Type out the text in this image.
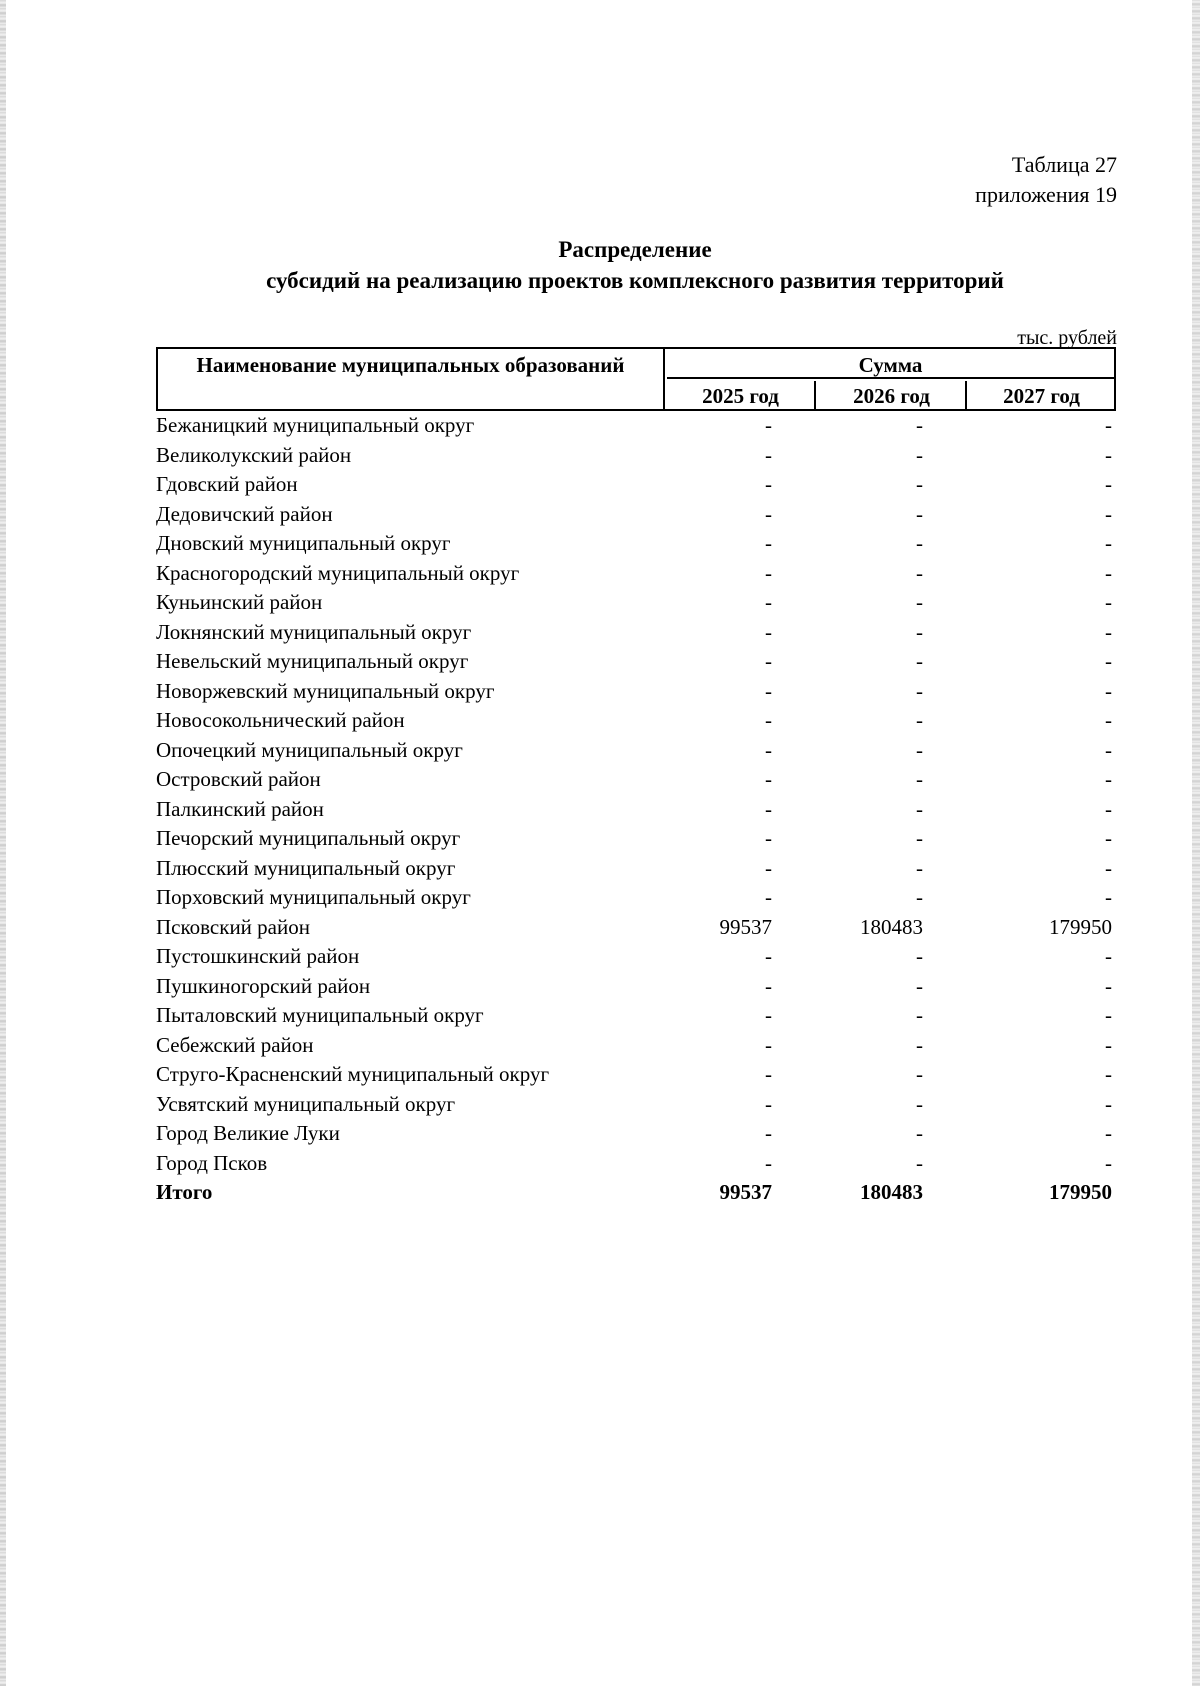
Таблица 27
приложения 19
Распределение
субсидий на реализацию проектов комплексного развития территорий
тыс. рублей
Наименование муниципальных образований	Сумма
2025 год	2026 год	2027 год
Бежаницкий муниципальный округ	-	-	-
Великолукский район	-	-	-
Гдовский район	-	-	-
Дедовичский район	-	-	-
Дновский муниципальный округ	-	-	-
Красногородский муниципальный округ	-	-	-
Куньинский район	-	-	-
Локнянский муниципальный округ	-	-	-
Невельский муниципальный округ	-	-	-
Новоржевский муниципальный округ	-	-	-
Новосокольнический район	-	-	-
Опочецкий муниципальный округ	-	-	-
Островский район	-	-	-
Палкинский район	-	-	-
Печорский муниципальный округ	-	-	-
Плюсский муниципальный округ	-	-	-
Порховский муниципальный округ	-	-	-
Псковский район	99537	180483	179950
Пустошкинский район	-	-	-
Пушкиногорский район	-	-	-
Пыталовский муниципальный округ	-	-	-
Себежский район	-	-	-
Струго-Красненский муниципальный округ	-	-	-
Усвятский муниципальный округ	-	-	-
Город Великие Луки	-	-	-
Город Псков	-	-	-
Итого	99537	180483	179950
